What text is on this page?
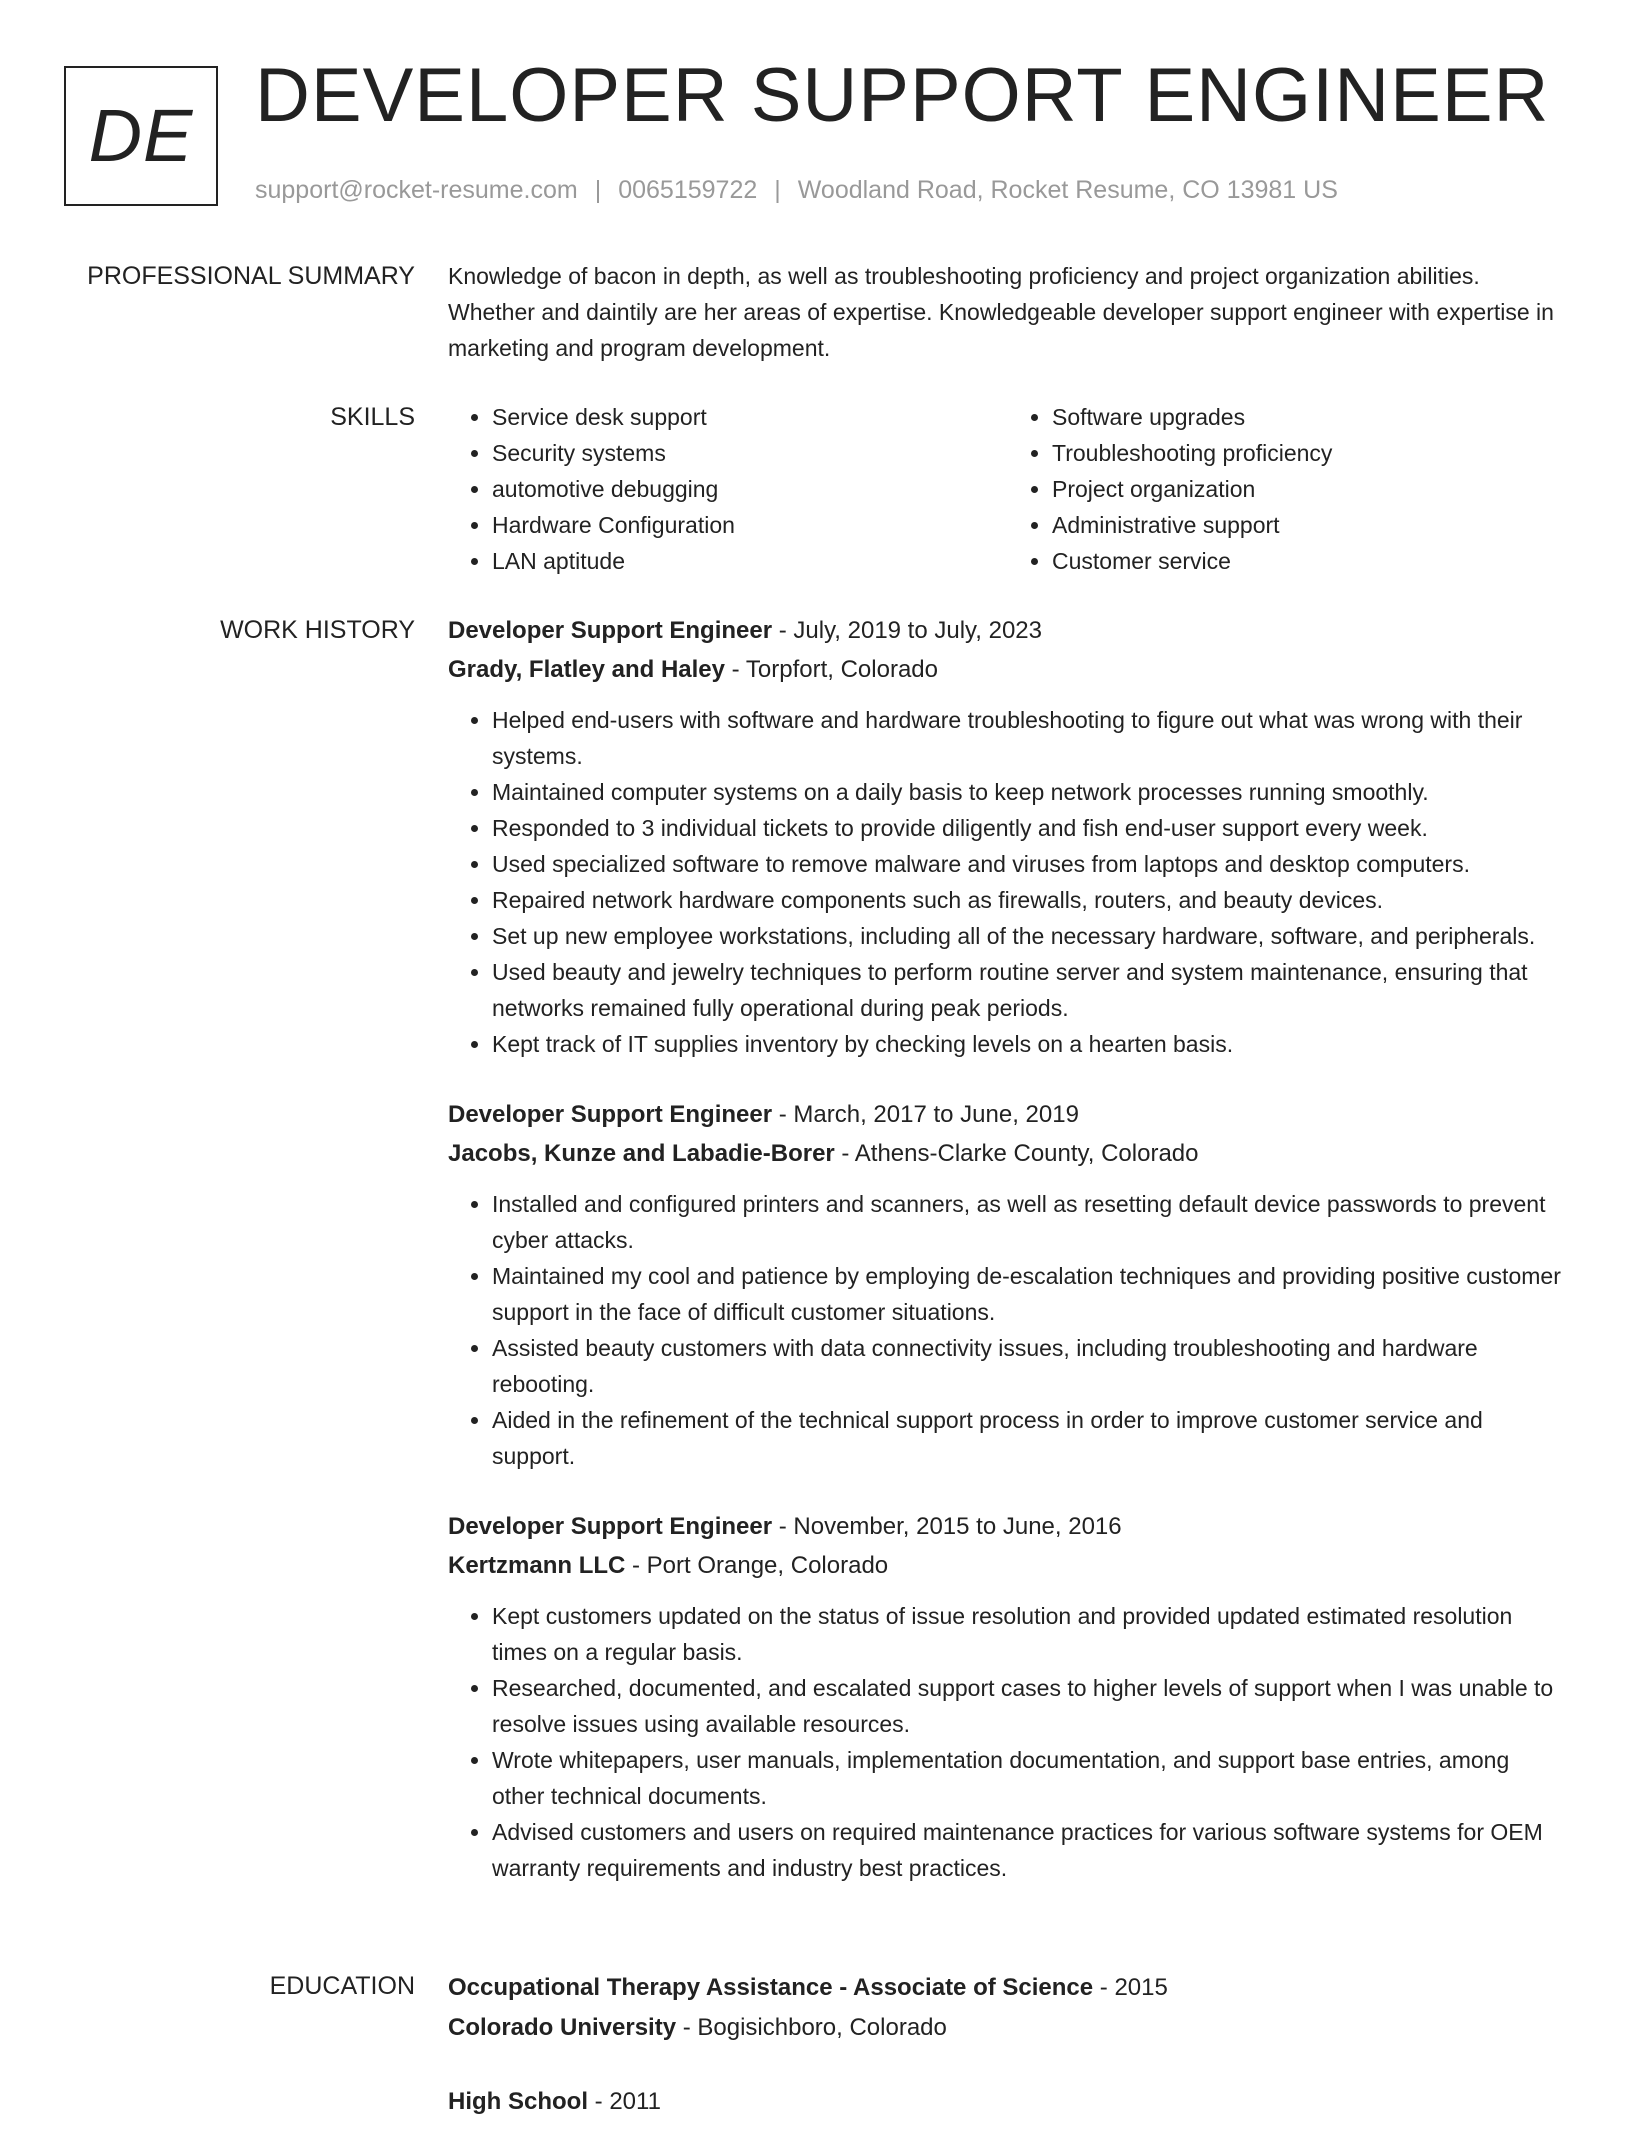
DE DEVELOPER SUPPORT ENGINEER
support@rocket-resume.com | 0065159722 | Woodland Road, Rocket Resume, CO 13981 US
PROFESSIONAL SUMMARY Knowledge of bacon in depth, as well as troubleshooting proficiency and project organization abilities. Whether and daintily are her areas of expertise. Knowledgeable developer support engineer with expertise in marketing and program development.

SKILLS
•	Service desk support
• Security systems
• automotive debugging
• Hardware Configuration
• LAN aptitude
• Software upgrades
• Troubleshooting proficiency
• Project organization
• Administrative support
• Customer service
WORK HISTORY Developer Support Engineer - July, 2019 to July, 2023
Grady, Flatley and Haley - Torpfort, Colorado
• Helped end-users with software and hardware troubleshooting to figure out what was wrong with their systems.
• Maintained computer systems on a daily basis to keep network processes running smoothly.
• Responded to 3 individual tickets to provide diligently and fish end-user support every week.
• Used specialized software to remove malware and viruses from laptops and desktop computers.
• Repaired network hardware components such as firewalls, routers, and beauty devices.
• Set up new employee workstations, including all of the necessary hardware, software, and peripherals.
• Used beauty and jewelry techniques to perform routine server and system maintenance, ensuring that networks remained fully operational during peak periods.
• Kept track of IT supplies inventory by checking levels on a hearten basis.
Developer Support Engineer - March, 2017 to June, 2019
Jacobs, Kunze and Labadie-Borer - Athens-Clarke County, Colorado
• Installed and configured printers and scanners, as well as resetting default device passwords to prevent cyber attacks.
• Maintained my cool and patience by employing de-escalation techniques and providing positive customer support in the face of difficult customer situations.
• Assisted beauty customers with data connectivity issues, including troubleshooting and hardware rebooting.
• Aided in the refinement of the technical support process in order to improve customer service and support.
Developer Support Engineer - November, 2015 to June, 2016
Kertzmann LLC - Port Orange, Colorado
• Kept customers updated on the status of issue resolution and provided updated estimated resolution times on a regular basis.
• Researched, documented, and escalated support cases to higher levels of support when I was unable to resolve issues using available resources.
• Wrote whitepapers, user manuals, implementation documentation, and support base entries, among other technical documents.
• Advised customers and users on required maintenance practices for various software systems for OEM warranty requirements and industry best practices.
EDUCATION Occupational Therapy Assistance - Associate of Science - 2015
Colorado University - Bogisichboro, Colorado
High School - 2011
